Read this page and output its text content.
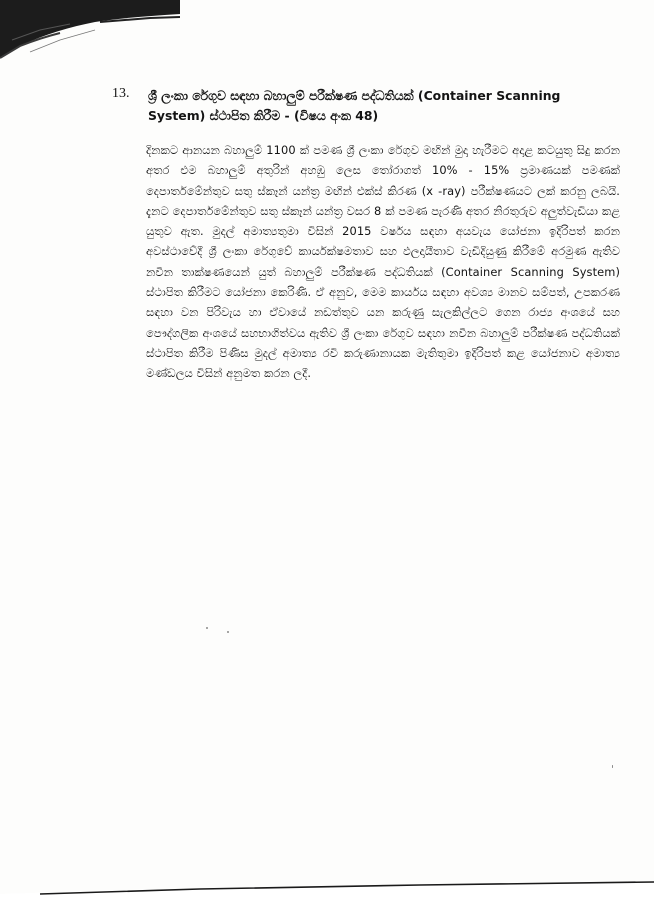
13. ශ්‍රී ලංකා රේගුව සඳහා බහාලුම් පරීක්ෂණ පද්ධතියක් (Container Scanning System) ස්ථාපිත කිරීම - (විෂය අංක 48)
දිනකට ආනයන බහාලුම් 1100 ක් පමණ ශ්‍රී ලංකා රේගුව මඟින් මුදා හැරීමට අදාළ කටයුතු සිදු කරන අතර එම බහාලුම් අතුරින් අහඹු ලෙස තෝරාගත් 10% - 15% ප්‍රමාණයක් පමණක් දෙපාර්තමේන්තුව සතු ස්කෑන් යන්ත්‍ර මඟින් එක්ස් කිරණ (x -ray) පරීක්ෂණයට ලක් කරනු ලබයි. දැනට දෙපාර්තමේන්තුව සතු ස්කෑන් යන්ත්‍ර වසර 8 ක් පමණ පැරණි අතර නිරතුරුව අලුත්වැඩියා කළ යුතුව ඇත. මුදල් අමාත්‍යතුමා විසින් 2015 වර්ෂය සඳහා අයවැය යෝජනා ඉදිරිපත් කරන අවස්ථාවේදී ශ්‍රී ලංකා රේගුවේ කාර්යක්ෂමතාව සහ ඵලදායීතාව වැඩිදියුණු කිරීමේ අරමුණ ඇතිව නවීන තාක්ෂණයෙන් යුත් බහාලුම් පරීක්ෂණ පද්ධතියක් (Container Scanning System) ස්ථාපිත කිරීමට යෝජනා කෙරිණි. ඒ අනුව, මෙම කාර්යය සඳහා අවශ්‍ය මානව සම්පත්, උපකරණ සඳහා වන පිරිවැය හා ඒවායේ නඩත්තුව යන කරුණු සැලකිල්ලට ගෙන රාජ්‍ය අංශයේ සහ පෞද්ගලික අංශයේ සහභාගිත්වය ඇතිව ශ්‍රී ලංකා රේගුව සඳහා නවීන බහාලුම් පරීක්ෂණ පද්ධතියක් ස්ථාපිත කිරීම පිණිස මුදල් අමාත්‍ය රවි කරුණානායක මැතිතුමා ඉදිරිපත් කළ යෝජනාව අමාත්‍ය මණ්ඩලය විසින් අනුමත කරන ලදී.
